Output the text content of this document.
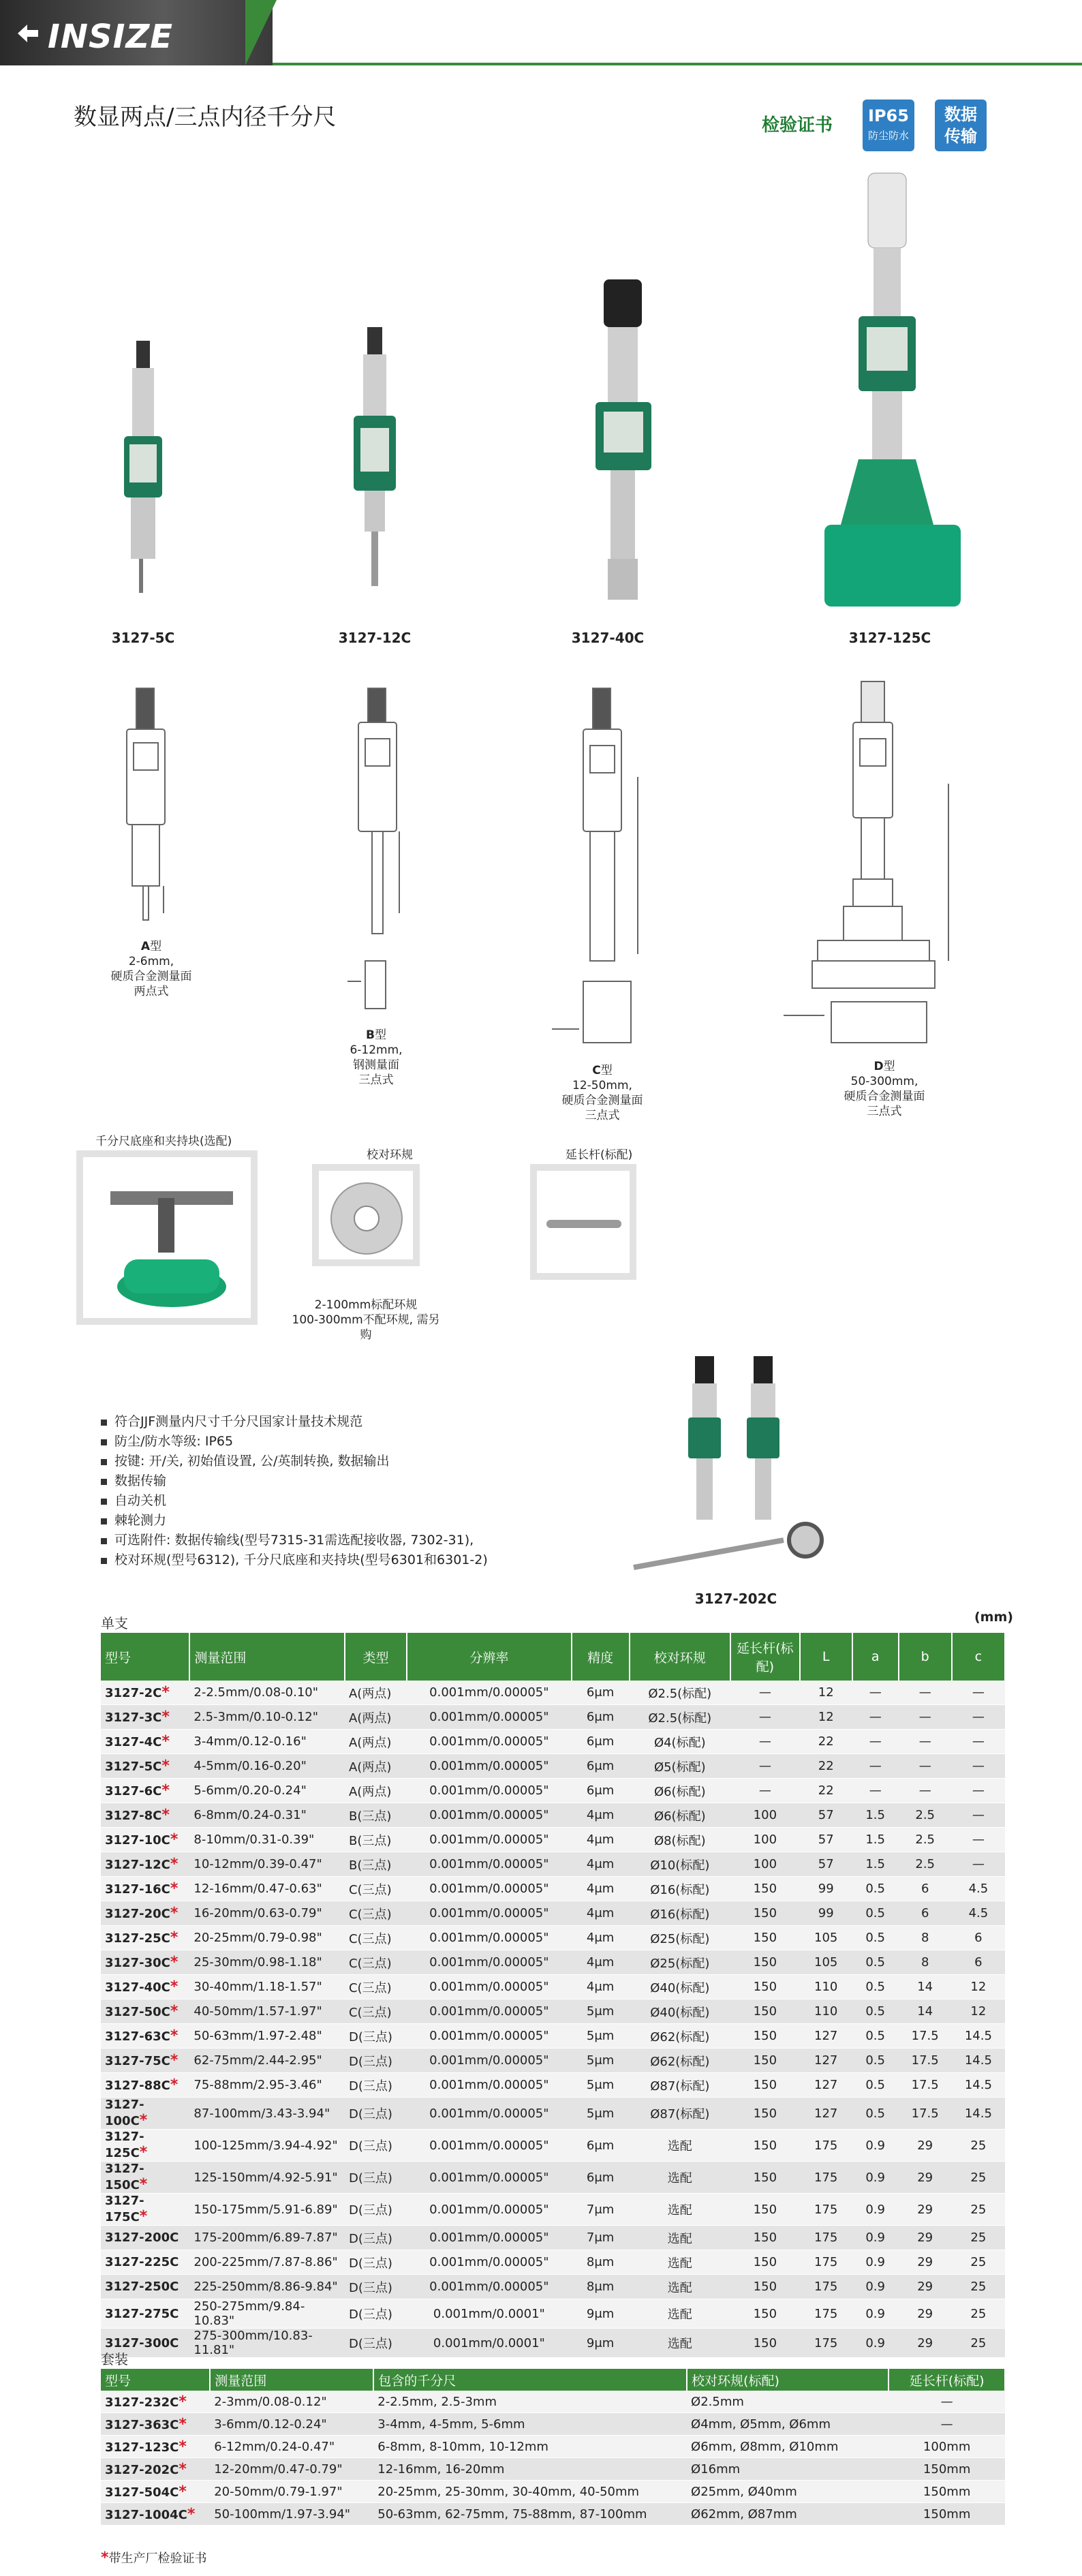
INSIZE
数显两点/三点内径千分尺	检验证书	IP65
防尘防水
数据
传输
3127-5C	3127-12C	3127-40C	3127-125C
A型
2-6mm,
硬质合金测量面
两点式
B型
6-12mm,
钢测量面
三点式
C型
12-50mm,
硬质合金测量面
三点式
D型
50-300mm,
硬质合金测量面
三点式
千分尺底座和夹持块(选配)
校对环规
2-100mm标配环规
100-300mm不配环规, 需另购
延长杆(标配)
3127-202C
符合JJF测量内尺寸千分尺国家计量技术规范
防尘/防水等级: IP65
按键: 开/关, 初始值设置, 公/英制转换, 数据输出
数据传输
自动关机
棘轮测力
可选附件: 数据传输线(型号7315-31需选配接收器, 7302-31),
校对环规(型号6312), 千分尺底座和夹持块(型号6301和6301-2)
单支	(mm)
型号	测量范围	类型	分辨率	精度	校对环规	延长杆(标配)	L	a	b	c
3127-2C*	2-2.5mm/0.08-0.10"	A(两点)	0.001mm/0.00005"	6μm	Ø2.5(标配)	—	12	—	—	—
3127-3C*	2.5-3mm/0.10-0.12"	A(两点)	0.001mm/0.00005"	6μm	Ø2.5(标配)	—	12	—	—	—
3127-4C*	3-4mm/0.12-0.16"	A(两点)	0.001mm/0.00005"	6μm	Ø4(标配)	—	22	—	—	—
3127-5C*	4-5mm/0.16-0.20"	A(两点)	0.001mm/0.00005"	6μm	Ø5(标配)	—	22	—	—	—
3127-6C*	5-6mm/0.20-0.24"	A(两点)	0.001mm/0.00005"	6μm	Ø6(标配)	—	22	—	—	—
3127-8C*	6-8mm/0.24-0.31"	B(三点)	0.001mm/0.00005"	4μm	Ø6(标配)	100	57	1.5	2.5	—
3127-10C*	8-10mm/0.31-0.39"	B(三点)	0.001mm/0.00005"	4μm	Ø8(标配)	100	57	1.5	2.5	—
3127-12C*	10-12mm/0.39-0.47"	B(三点)	0.001mm/0.00005"	4μm	Ø10(标配)	100	57	1.5	2.5	—
3127-16C*	12-16mm/0.47-0.63"	C(三点)	0.001mm/0.00005"	4μm	Ø16(标配)	150	99	0.5	6	4.5
3127-20C*	16-20mm/0.63-0.79"	C(三点)	0.001mm/0.00005"	4μm	Ø16(标配)	150	99	0.5	6	4.5
3127-25C*	20-25mm/0.79-0.98"	C(三点)	0.001mm/0.00005"	4μm	Ø25(标配)	150	105	0.5	8	6
3127-30C*	25-30mm/0.98-1.18"	C(三点)	0.001mm/0.00005"	4μm	Ø25(标配)	150	105	0.5	8	6
3127-40C*	30-40mm/1.18-1.57"	C(三点)	0.001mm/0.00005"	4μm	Ø40(标配)	150	110	0.5	14	12
3127-50C*	40-50mm/1.57-1.97"	C(三点)	0.001mm/0.00005"	5μm	Ø40(标配)	150	110	0.5	14	12
3127-63C*	50-63mm/1.97-2.48"	D(三点)	0.001mm/0.00005"	5μm	Ø62(标配)	150	127	0.5	17.5	14.5
3127-75C*	62-75mm/2.44-2.95"	D(三点)	0.001mm/0.00005"	5μm	Ø62(标配)	150	127	0.5	17.5	14.5
3127-88C*	75-88mm/2.95-3.46"	D(三点)	0.001mm/0.00005"	5μm	Ø87(标配)	150	127	0.5	17.5	14.5
3127-100C*	87-100mm/3.43-3.94"	D(三点)	0.001mm/0.00005"	5μm	Ø87(标配)	150	127	0.5	17.5	14.5
3127-125C*	100-125mm/3.94-4.92"	D(三点)	0.001mm/0.00005"	6μm	选配	150	175	0.9	29	25
3127-150C*	125-150mm/4.92-5.91"	D(三点)	0.001mm/0.00005"	6μm	选配	150	175	0.9	29	25
3127-175C*	150-175mm/5.91-6.89"	D(三点)	0.001mm/0.00005"	7μm	选配	150	175	0.9	29	25
3127-200C	175-200mm/6.89-7.87"	D(三点)	0.001mm/0.00005"	7μm	选配	150	175	0.9	29	25
3127-225C	200-225mm/7.87-8.86"	D(三点)	0.001mm/0.00005"	8μm	选配	150	175	0.9	29	25
3127-250C	225-250mm/8.86-9.84"	D(三点)	0.001mm/0.00005"	8μm	选配	150	175	0.9	29	25
3127-275C	250-275mm/9.84-10.83"	D(三点)	0.001mm/0.0001"	9μm	选配	150	175	0.9	29	25
3127-300C	275-300mm/10.83-11.81"	D(三点)	0.001mm/0.0001"	9μm	选配	150	175	0.9	29	25
套装
型号	测量范围	包含的千分尺	校对环规(标配)	延长杆(标配)
3127-232C*	2-3mm/0.08-0.12"	2-2.5mm, 2.5-3mm	Ø2.5mm	—
3127-363C*	3-6mm/0.12-0.24"	3-4mm, 4-5mm, 5-6mm	Ø4mm, Ø5mm, Ø6mm	—
3127-123C*	6-12mm/0.24-0.47"	6-8mm, 8-10mm, 10-12mm	Ø6mm, Ø8mm, Ø10mm	100mm
3127-202C*	12-20mm/0.47-0.79"	12-16mm, 16-20mm	Ø16mm	150mm
3127-504C*	20-50mm/0.79-1.97"	20-25mm, 25-30mm, 30-40mm, 40-50mm	Ø25mm, Ø40mm	150mm
3127-1004C*	50-100mm/1.97-3.94"	50-63mm, 62-75mm, 75-88mm, 87-100mm	Ø62mm, Ø87mm	150mm
*带生产厂检验证书
